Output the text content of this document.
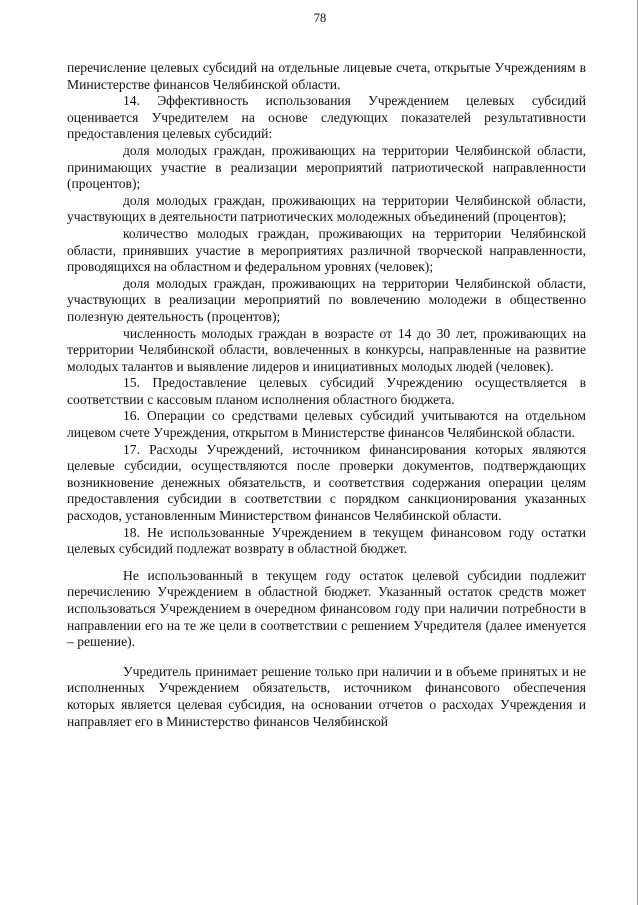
78

перечисление целевых субсидий на отдельные лицевые счета, открытые Учреждениям в Министерстве финансов Челябинской области.

14. Эффективность использования Учреждением целевых субсидий оценивается Учредителем на основе следующих показателей результативности предоставления целевых субсидий:

доля молодых граждан, проживающих на территории Челябинской области, принимающих участие в реализации мероприятий патриотической направленности (процентов);

доля молодых граждан, проживающих на территории Челябинской области, участвующих в деятельности патриотических молодежных объединений (процентов);

количество молодых граждан, проживающих на территории Челябинской области, принявших участие в мероприятиях различной творческой направленности, проводящихся на областном и федеральном уровнях (человек);

доля молодых граждан, проживающих на территории Челябинской области, участвующих в реализации мероприятий по вовлечению молодежи в общественно полезную деятельность (процентов);

численность молодых граждан в возрасте от 14 до 30 лет, проживающих на территории Челябинской области, вовлеченных в конкурсы, направленные на развитие молодых талантов и выявление лидеров и инициативных молодых людей (человек).

15. Предоставление целевых субсидий Учреждению осуществляется в соответствии с кассовым планом исполнения областного бюджета.

16. Операции со средствами целевых субсидий учитываются на отдельном лицевом счете Учреждения, открытом в Министерстве финансов Челябинской области.

17. Расходы Учреждений, источником финансирования которых являются целевые субсидии, осуществляются после проверки документов, подтверждающих возникновение денежных обязательств, и соответствия содержания операции целям предоставления субсидии в соответствии с порядком санкционирования указанных расходов, установленным Министерством финансов Челябинской области.

18. Не использованные Учреждением в текущем финансовом году остатки целевых субсидий подлежат возврату в областной бюджет.

Не использованный в текущем году остаток целевой субсидии подлежит перечислению Учреждением в областной бюджет. Указанный остаток средств может использоваться Учреждением в очередном финансовом году при наличии потребности в направлении его на те же цели в соответствии с решением Учредителя (далее именуется – решение).

Учредитель принимает решение только при наличии и в объеме принятых и не исполненных Учреждением обязательств, источником финансового обеспечения которых является целевая субсидия, на основании отчетов о расходах Учреждения и направляет его в Министерство финансов Челябинской
